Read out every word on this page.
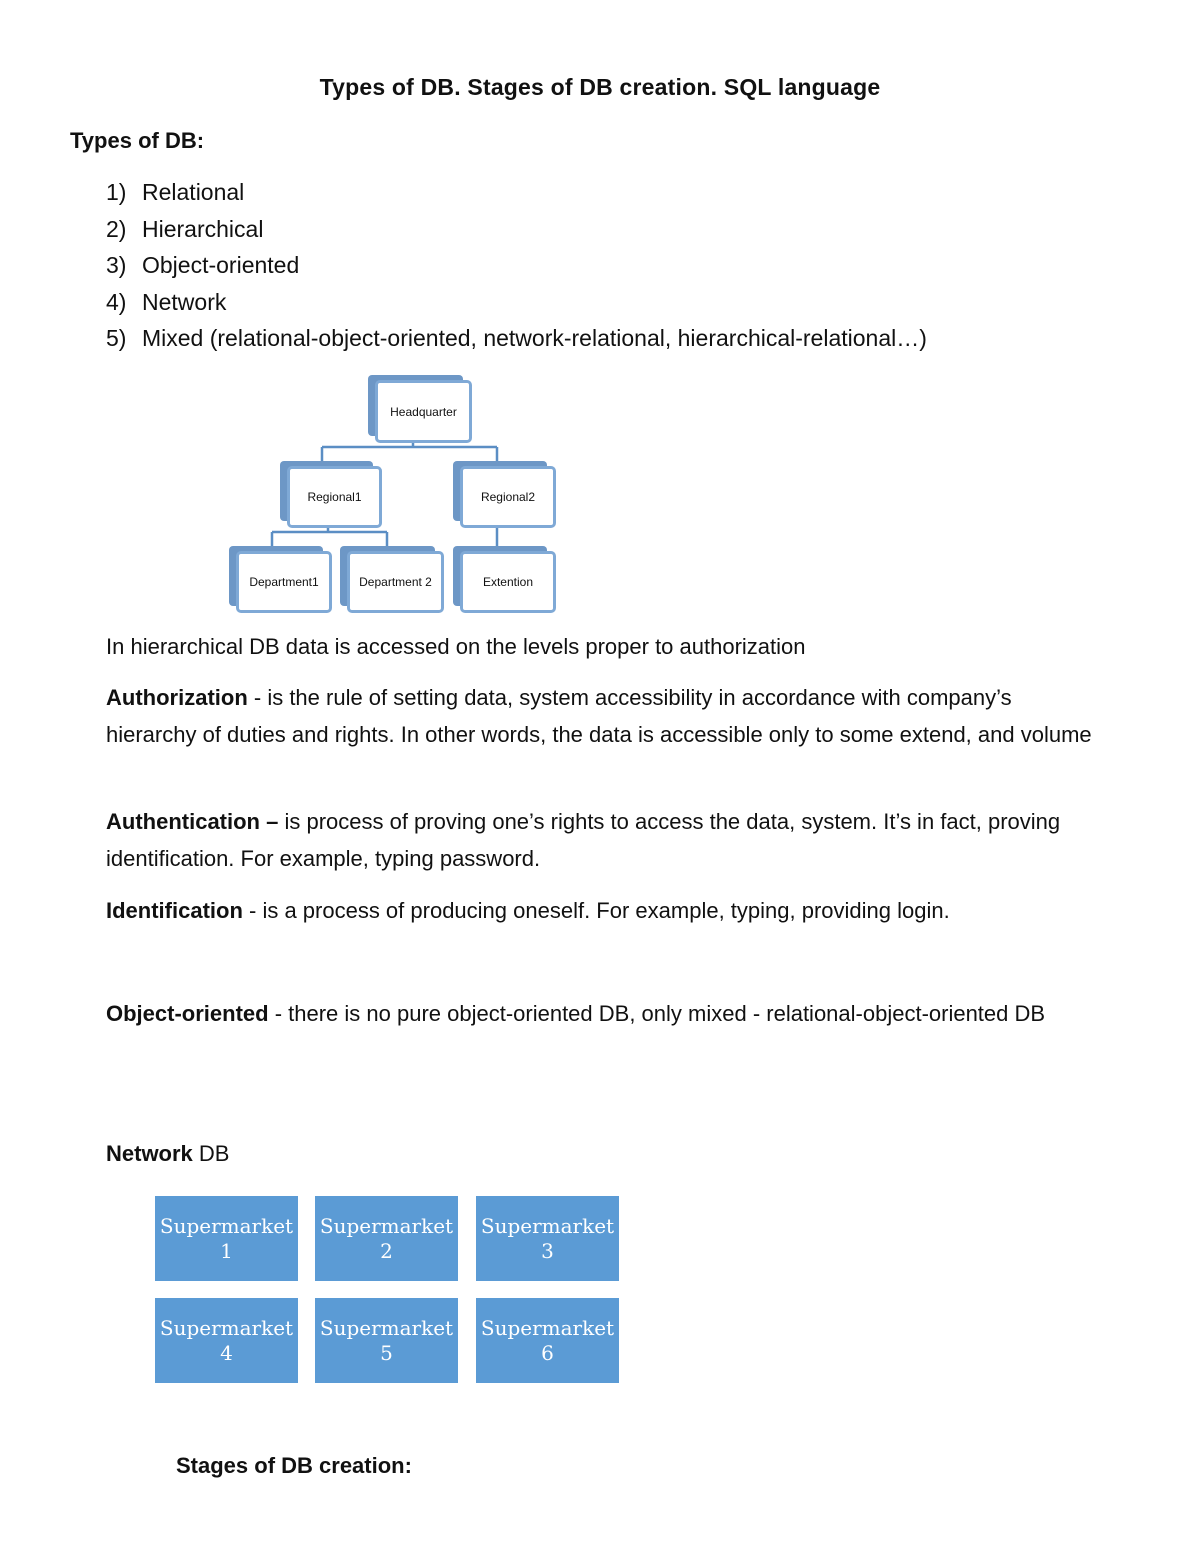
Types of DB. Stages of DB creation. SQL language
Types of DB:
1) Relational
2) Hierarchical
3) Object-oriented
4) Network
5) Mixed (relational-object-oriented, network-relational, hierarchical-relational…)
Headquarter
Regional1	Regional2
Department1	Department 2	Extention
In hierarchical DB data is accessed on the levels proper to authorization
Authorization - is the rule of setting data, system accessibility in accordance with company’s hierarchy of duties and rights. In other words, the data is accessible only to some extend, and volume
Authentication – is process of proving one’s rights to access the data, system. It’s in fact, proving identification. For example, typing password.
Identification - is a process of producing oneself. For example, typing, providing login.
Object-oriented - there is no pure object-oriented DB, only mixed - relational-object-oriented DB
Network DB
Supermarket
1
Supermarket
2
Supermarket
3
Supermarket
4
Supermarket
5
Supermarket
6
Stages of DB creation:
